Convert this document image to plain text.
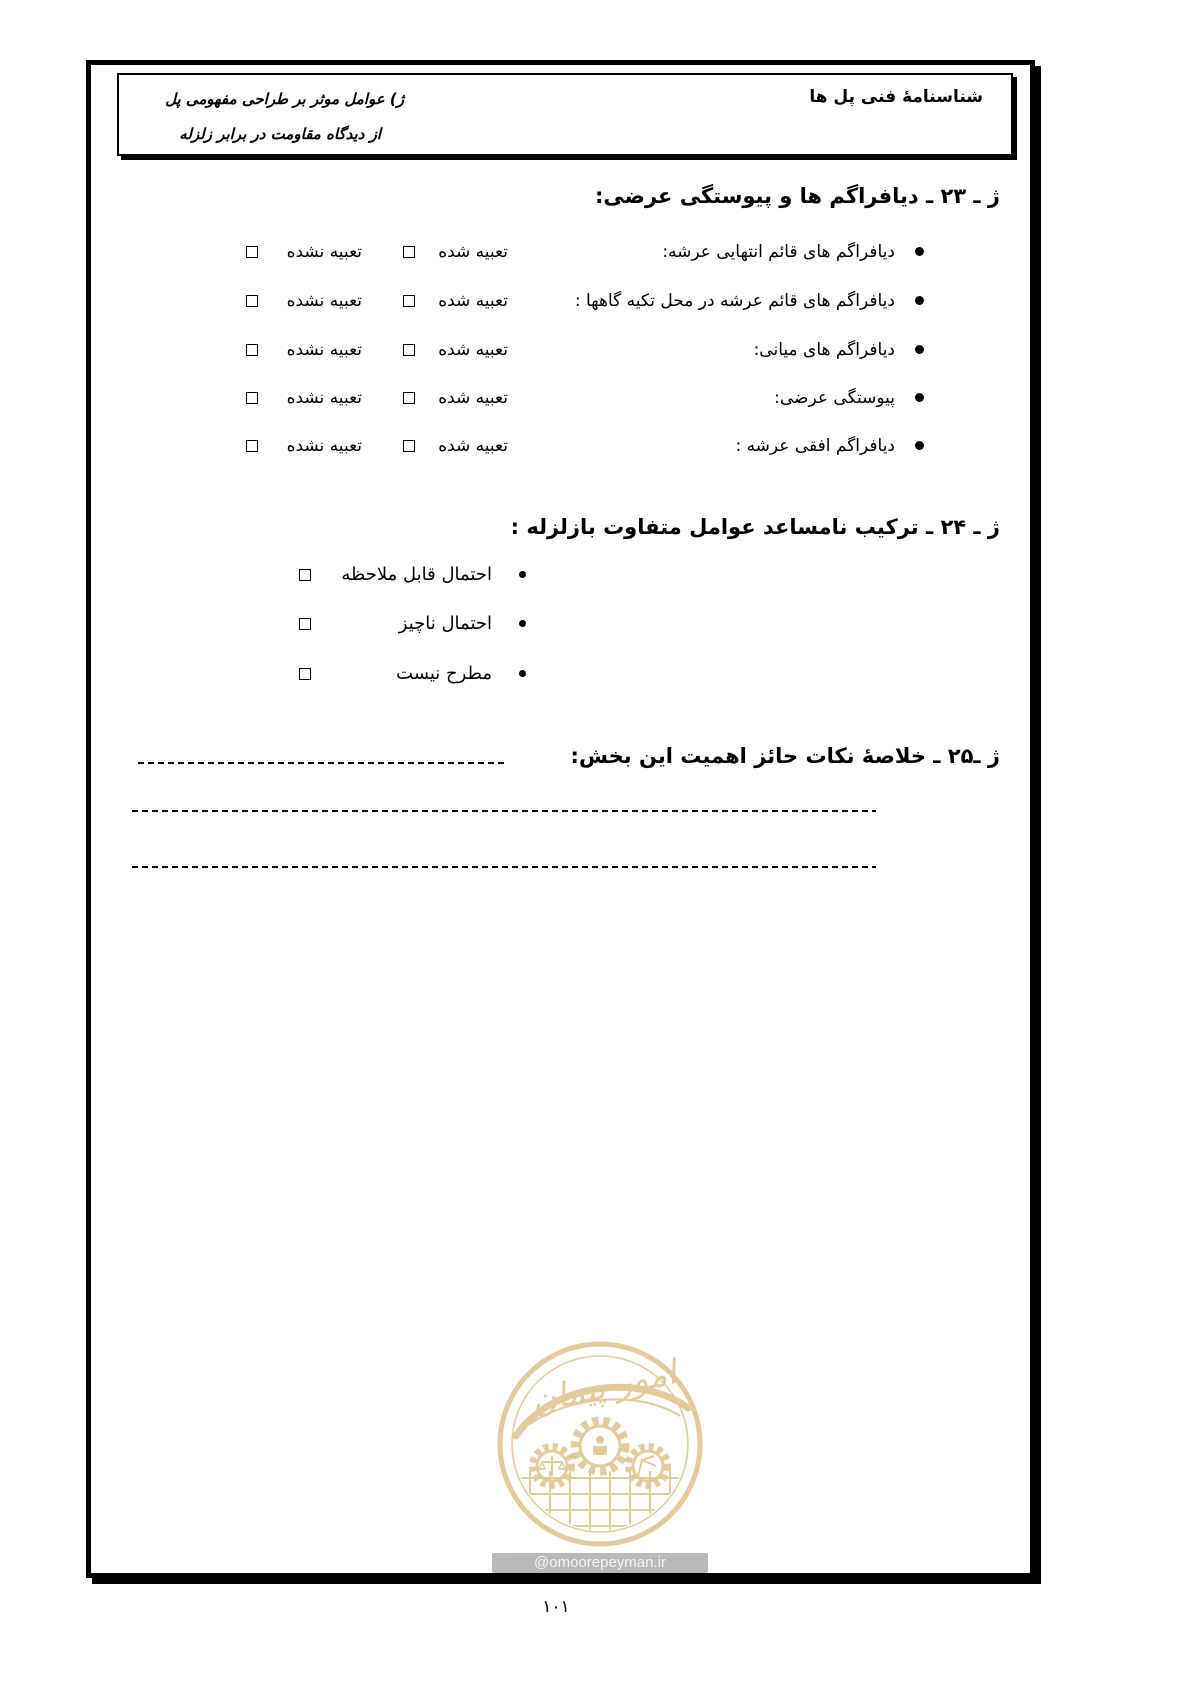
شناسنامهٔ فنی پل ها
ژ) عوامل موثر بر طراحی مفهومی پل
از دیدگاه مقاومت در برابر زلزله
ژ ـ ۲۳ ـ دیافراگم ها و پیوستگی عرضی:
دیافراگم های قائم انتهایی عرشه:
تعبیه شده
تعبیه نشده
دیافراگم های قائم عرشه در محل تکیه گاهها :
تعبیه شده
تعبیه نشده
دیافراگم های میانی:
تعبیه شده
تعبیه نشده
پیوستگی عرضی:
تعبیه شده
تعبیه نشده
دیافراگم افقی عرشه :
تعبیه شده
تعبیه نشده
ژ ـ ۲۴ ـ ترکیب نامساعد عوامل متفاوت بازلزله :
احتمال قابل ملاحظه
احتمال ناچیز
مطرح نیست
ژ ـ۲۵ ـ خلاصهٔ نکات حائز اهمیت این بخش:
امور پیمان
@omoorepeyman.ir
۱۰۱
